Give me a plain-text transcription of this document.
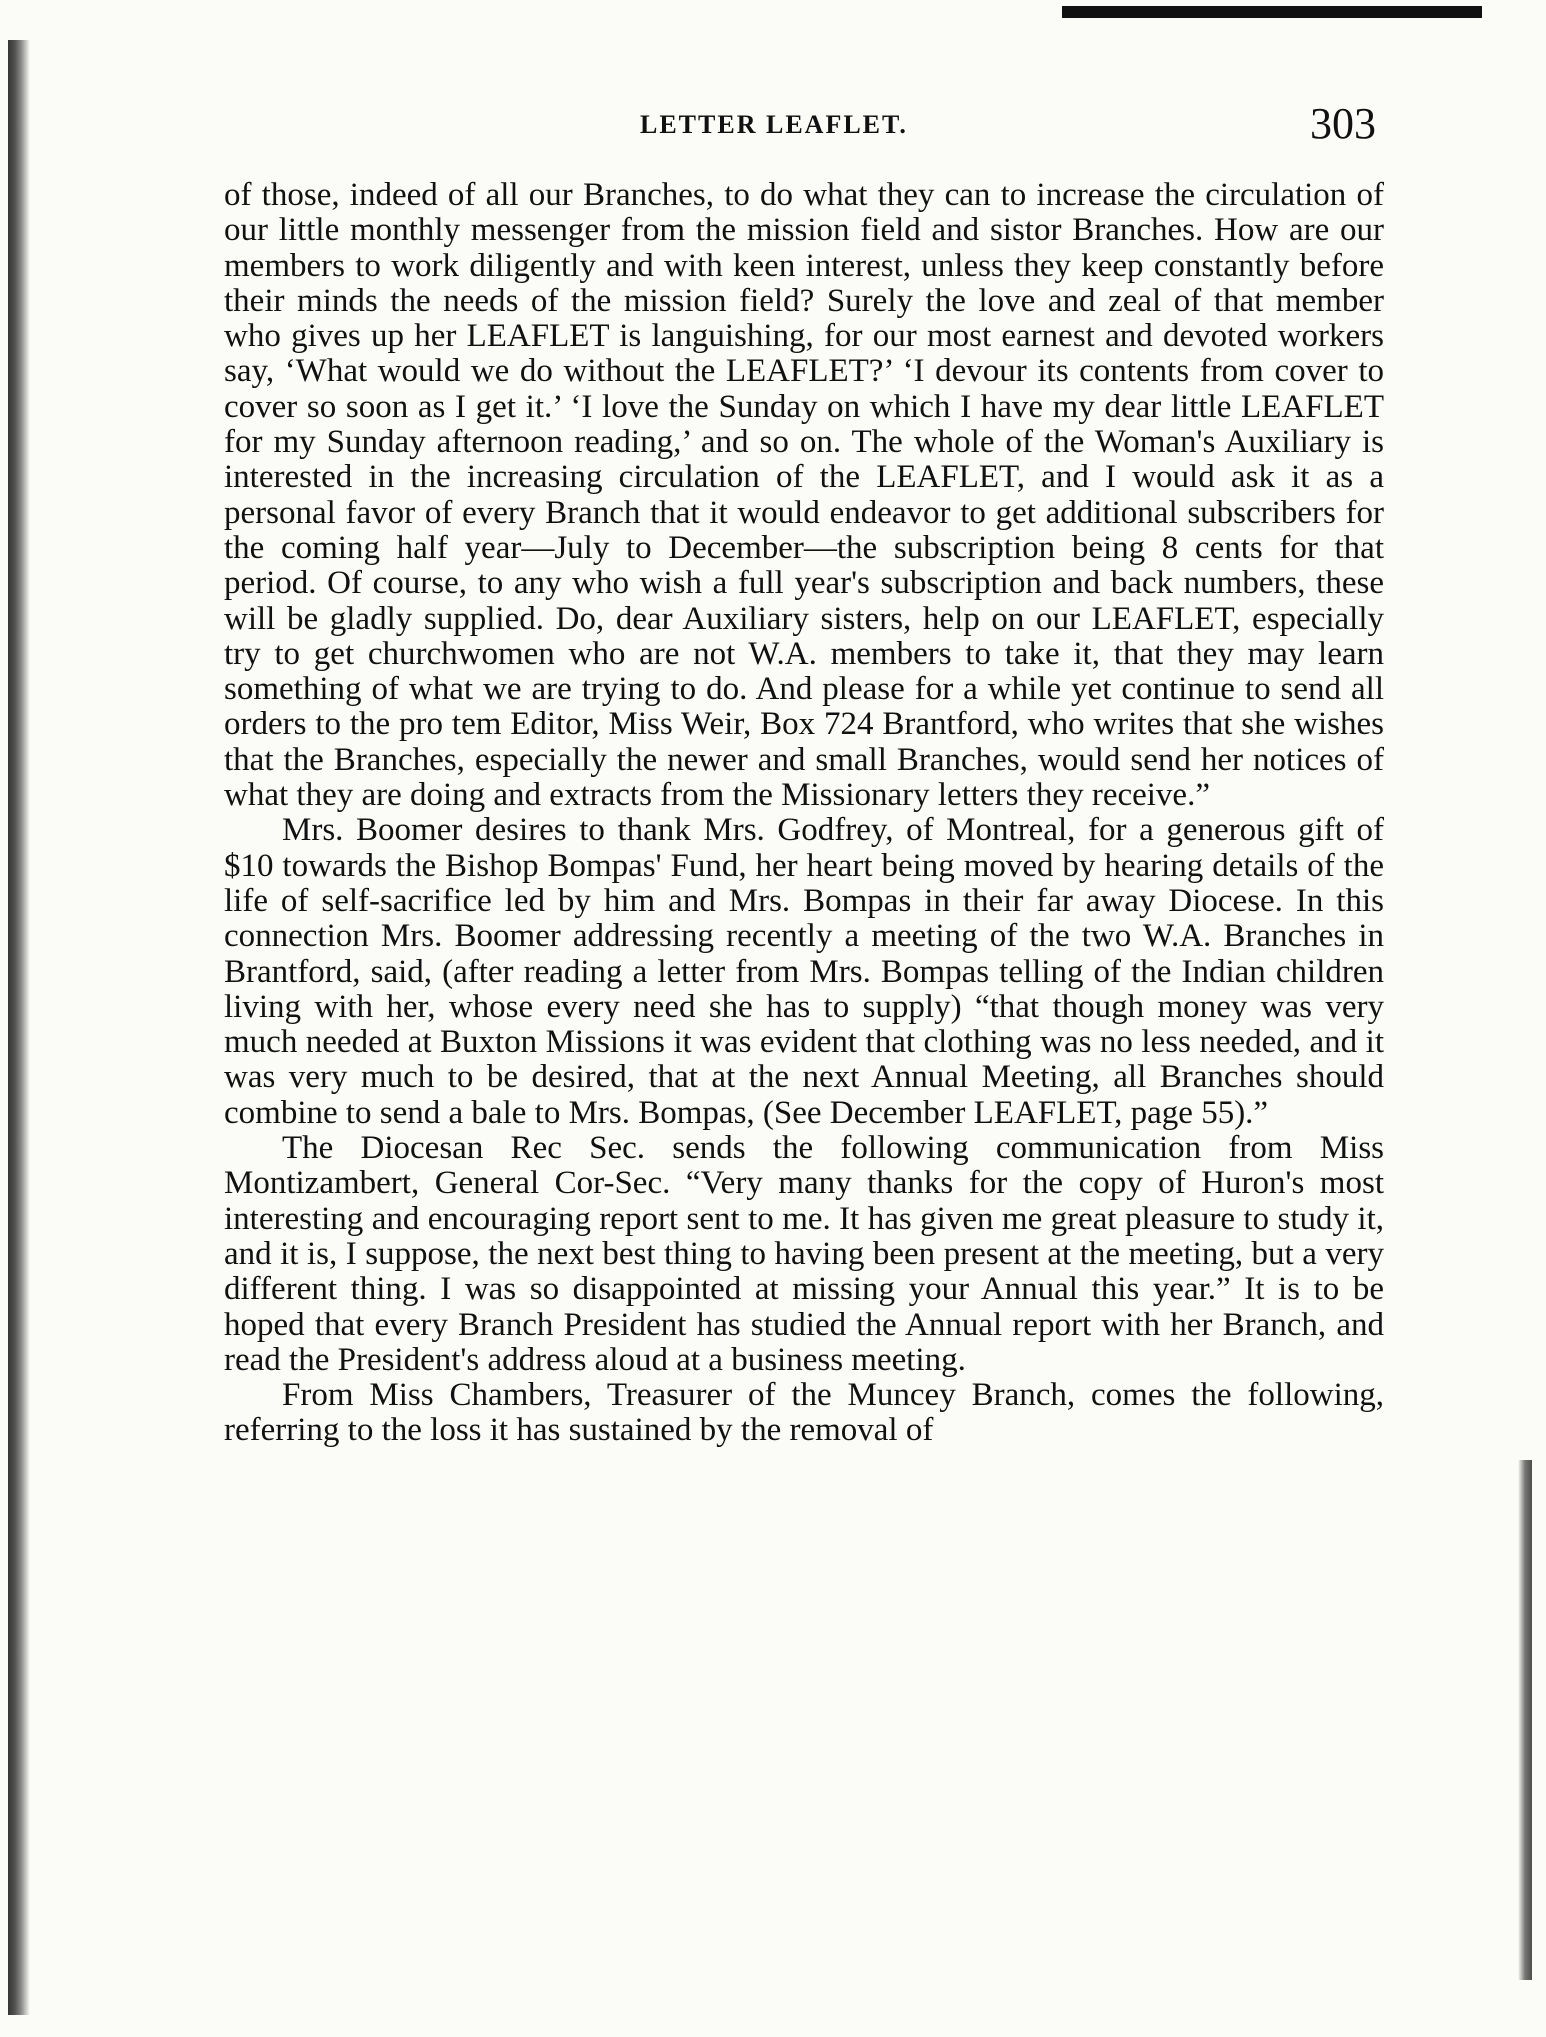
LETTER LEAFLET.	303

of those, indeed of all our Branches, to do what they can to increase the circulation of our little monthly messenger from the mission field and sistor Branches. How are our members to work diligently and with keen interest, unless they keep constantly before their minds the needs of the mission field? Surely the love and zeal of that member who gives up her LEAFLET is languishing, for our most earnest and devoted workers say, ‘What would we do without the LEAFLET?’ ‘I devour its contents from cover to cover so soon as I get it.’ ‘I love the Sunday on which I have my dear little LEAFLET for my Sunday afternoon reading,’ and so on. The whole of the Woman's Auxiliary is interested in the increasing circulation of the LEAFLET, and I would ask it as a personal favor of every Branch that it would endeavor to get additional subscribers for the coming half year—July to December—the subscription being 8 cents for that period. Of course, to any who wish a full year's subscription and back numbers, these will be gladly supplied. Do, dear Auxiliary sisters, help on our LEAFLET, especially try to get churchwomen who are not W.A. members to take it, that they may learn something of what we are trying to do. And please for a while yet continue to send all orders to the pro tem Editor, Miss Weir, Box 724 Brantford, who writes that she wishes that the Branches, especially the newer and small Branches, would send her notices of what they are doing and extracts from the Missionary letters they receive.”

Mrs. Boomer desires to thank Mrs. Godfrey, of Montreal, for a generous gift of $10 towards the Bishop Bompas' Fund, her heart being moved by hearing details of the life of self-sacrifice led by him and Mrs. Bompas in their far away Diocese. In this connection Mrs. Boomer addressing recently a meeting of the two W.A. Branches in Brantford, said, (after reading a letter from Mrs. Bompas telling of the Indian children living with her, whose every need she has to supply) “that though money was very much needed at Buxton Missions it was evident that clothing was no less needed, and it was very much to be desired, that at the next Annual Meeting, all Branches should combine to send a bale to Mrs. Bompas, (See December LEAFLET, page 55).”

The Diocesan Rec Sec. sends the following communication from Miss Montizambert, General Cor-Sec. “Very many thanks for the copy of Huron's most interesting and encouraging report sent to me. It has given me great pleasure to study it, and it is, I suppose, the next best thing to having been present at the meeting, but a very different thing. I was so disappointed at missing your Annual this year.” It is to be hoped that every Branch President has studied the Annual report with her Branch, and read the President's address aloud at a business meeting.

From Miss Chambers, Treasurer of the Muncey Branch, comes the following, referring to the loss it has sustained by the removal of
